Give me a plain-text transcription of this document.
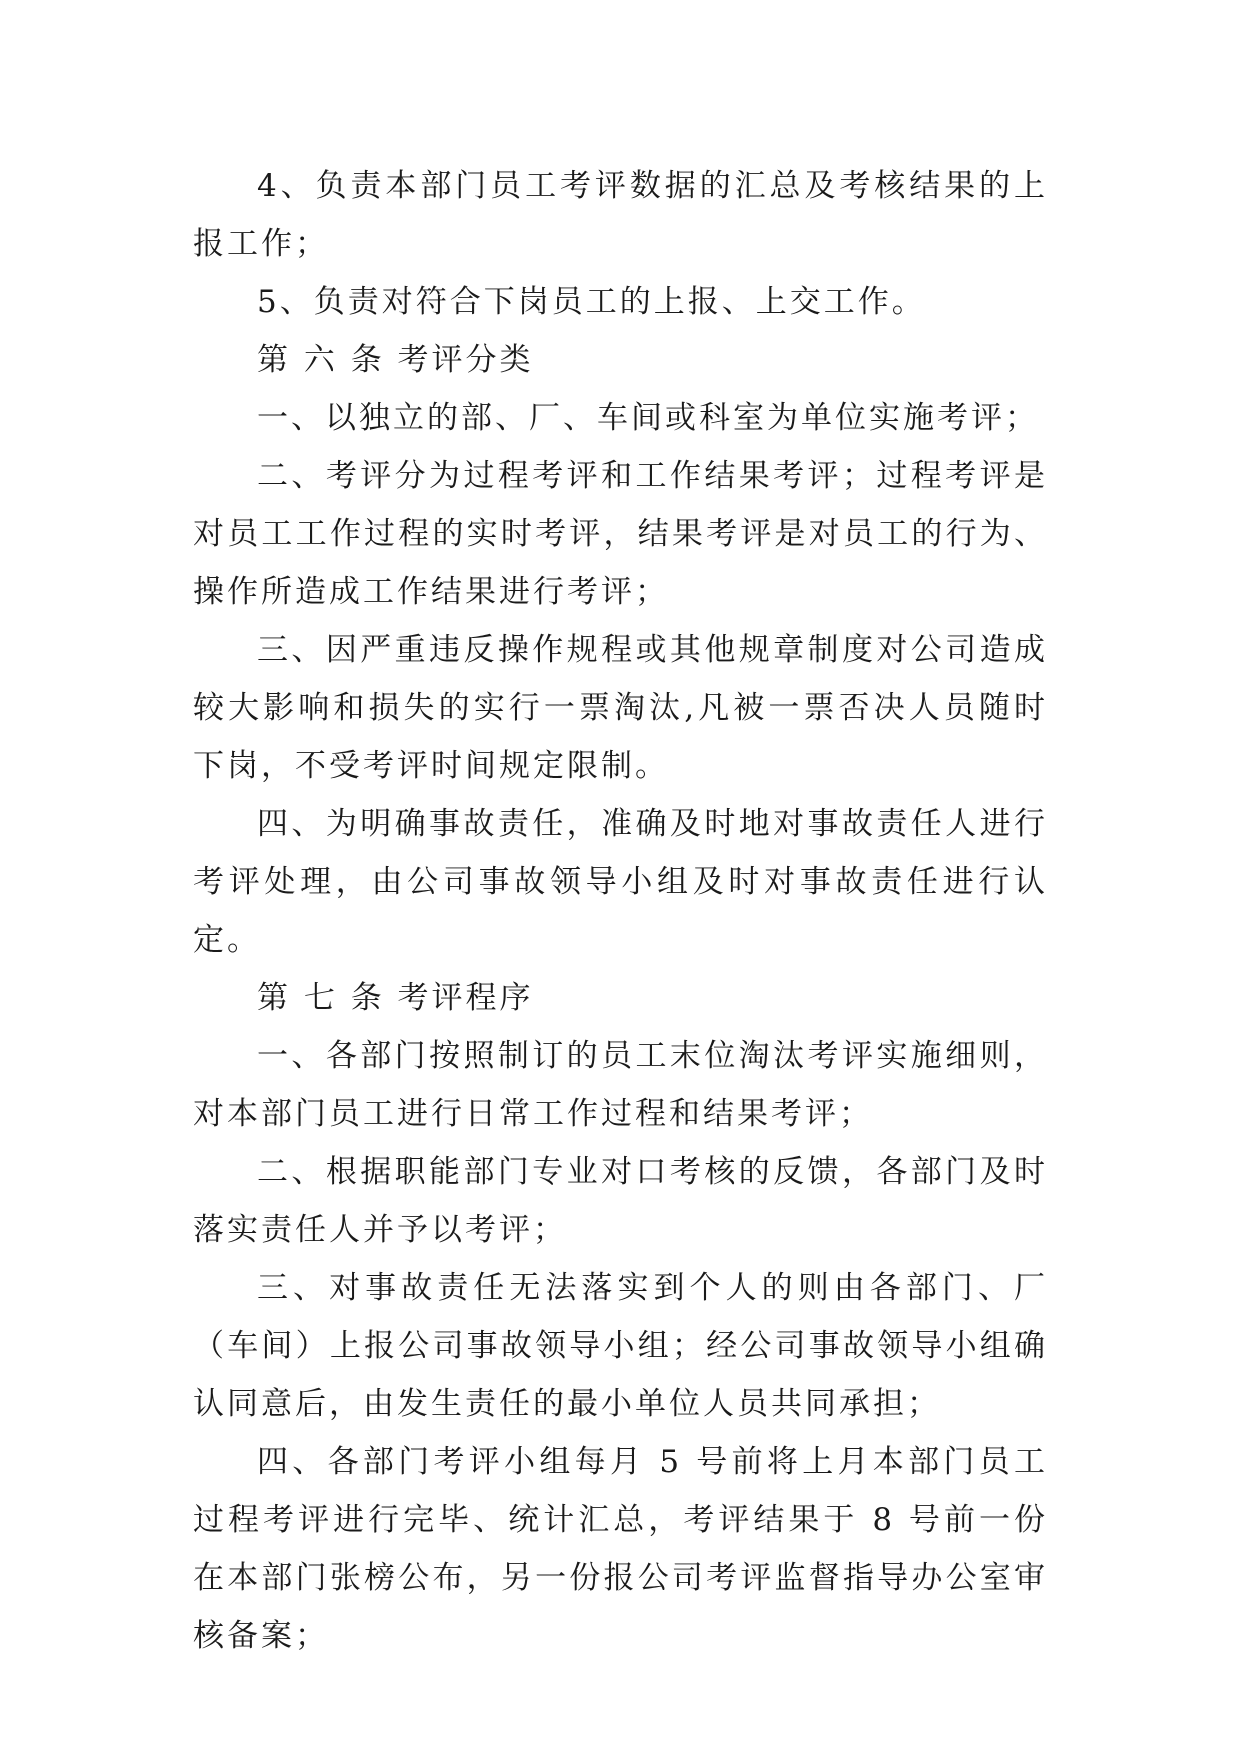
4、负责本部门员工考评数据的汇总及考核结果的上报工作；

5、负责对符合下岗员工的上报、上交工作。

第 六 条 考评分类

一、以独立的部、厂、车间或科室为单位实施考评；

二、考评分为过程考评和工作结果考评；过程考评是对员工工作过程的实时考评，结果考评是对员工的行为、操作所造成工作结果进行考评；

三、因严重违反操作规程或其他规章制度对公司造成较大影响和损失的实行一票淘汰,凡被一票否决人员随时下岗，不受考评时间规定限制。

四、为明确事故责任，准确及时地对事故责任人进行考评处理，由公司事故领导小组及时对事故责任进行认定。

第 七 条 考评程序

一、各部门按照制订的员工末位淘汰考评实施细则，对本部门员工进行日常工作过程和结果考评；

二、根据职能部门专业对口考核的反馈，各部门及时落实责任人并予以考评；

三、对事故责任无法落实到个人的则由各部门、厂（车间）上报公司事故领导小组；经公司事故领导小组确认同意后，由发生责任的最小单位人员共同承担；

四、各部门考评小组每月 5 号前将上月本部门员工过程考评进行完毕、统计汇总，考评结果于 8 号前一份在本部门张榜公布，另一份报公司考评监督指导办公室审核备案；
